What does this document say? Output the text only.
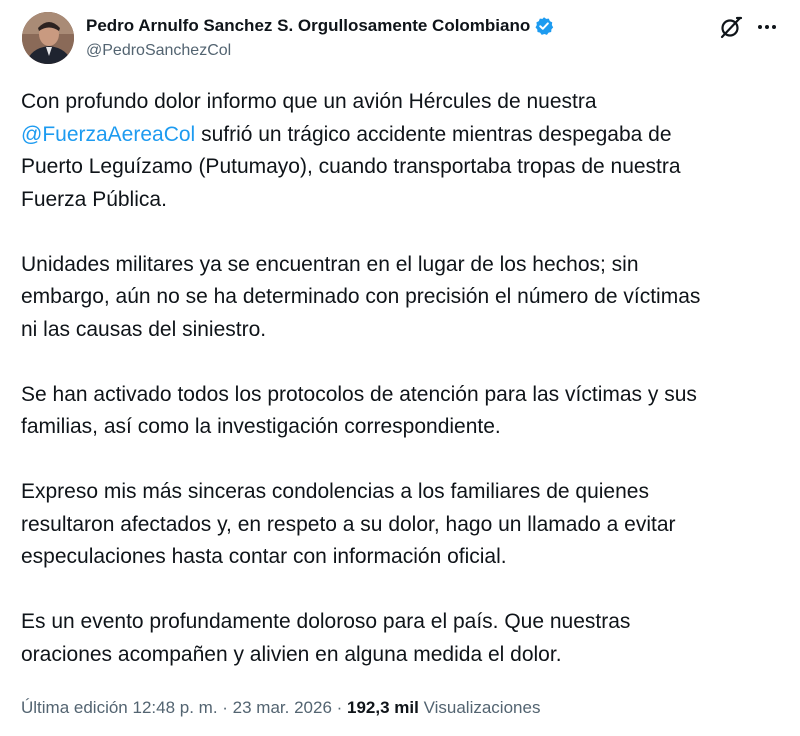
Pedro Arnulfo Sanchez S. Orgullosamente Colombiano
@PedroSanchezCol

Con profundo dolor informo que un avión Hércules de nuestra
@FuerzaAereaCol sufrió un trágico accidente mientras despegaba de
Puerto Leguízamo (Putumayo), cuando transportaba tropas de nuestra
Fuerza Pública.

Unidades militares ya se encuentran en el lugar de los hechos; sin
embargo, aún no se ha determinado con precisión el número de víctimas
ni las causas del siniestro.

Se han activado todos los protocolos de atención para las víctimas y sus
familias, así como la investigación correspondiente.

Expreso mis más sinceras condolencias a los familiares de quienes
resultaron afectados y, en respeto a su dolor, hago un llamado a evitar
especulaciones hasta contar con información oficial.

Es un evento profundamente doloroso para el país. Que nuestras
oraciones acompañen y alivien en alguna medida el dolor.

Última edición 12:48 p. m. · 23 mar. 2026 · 192,3 mil Visualizaciones
